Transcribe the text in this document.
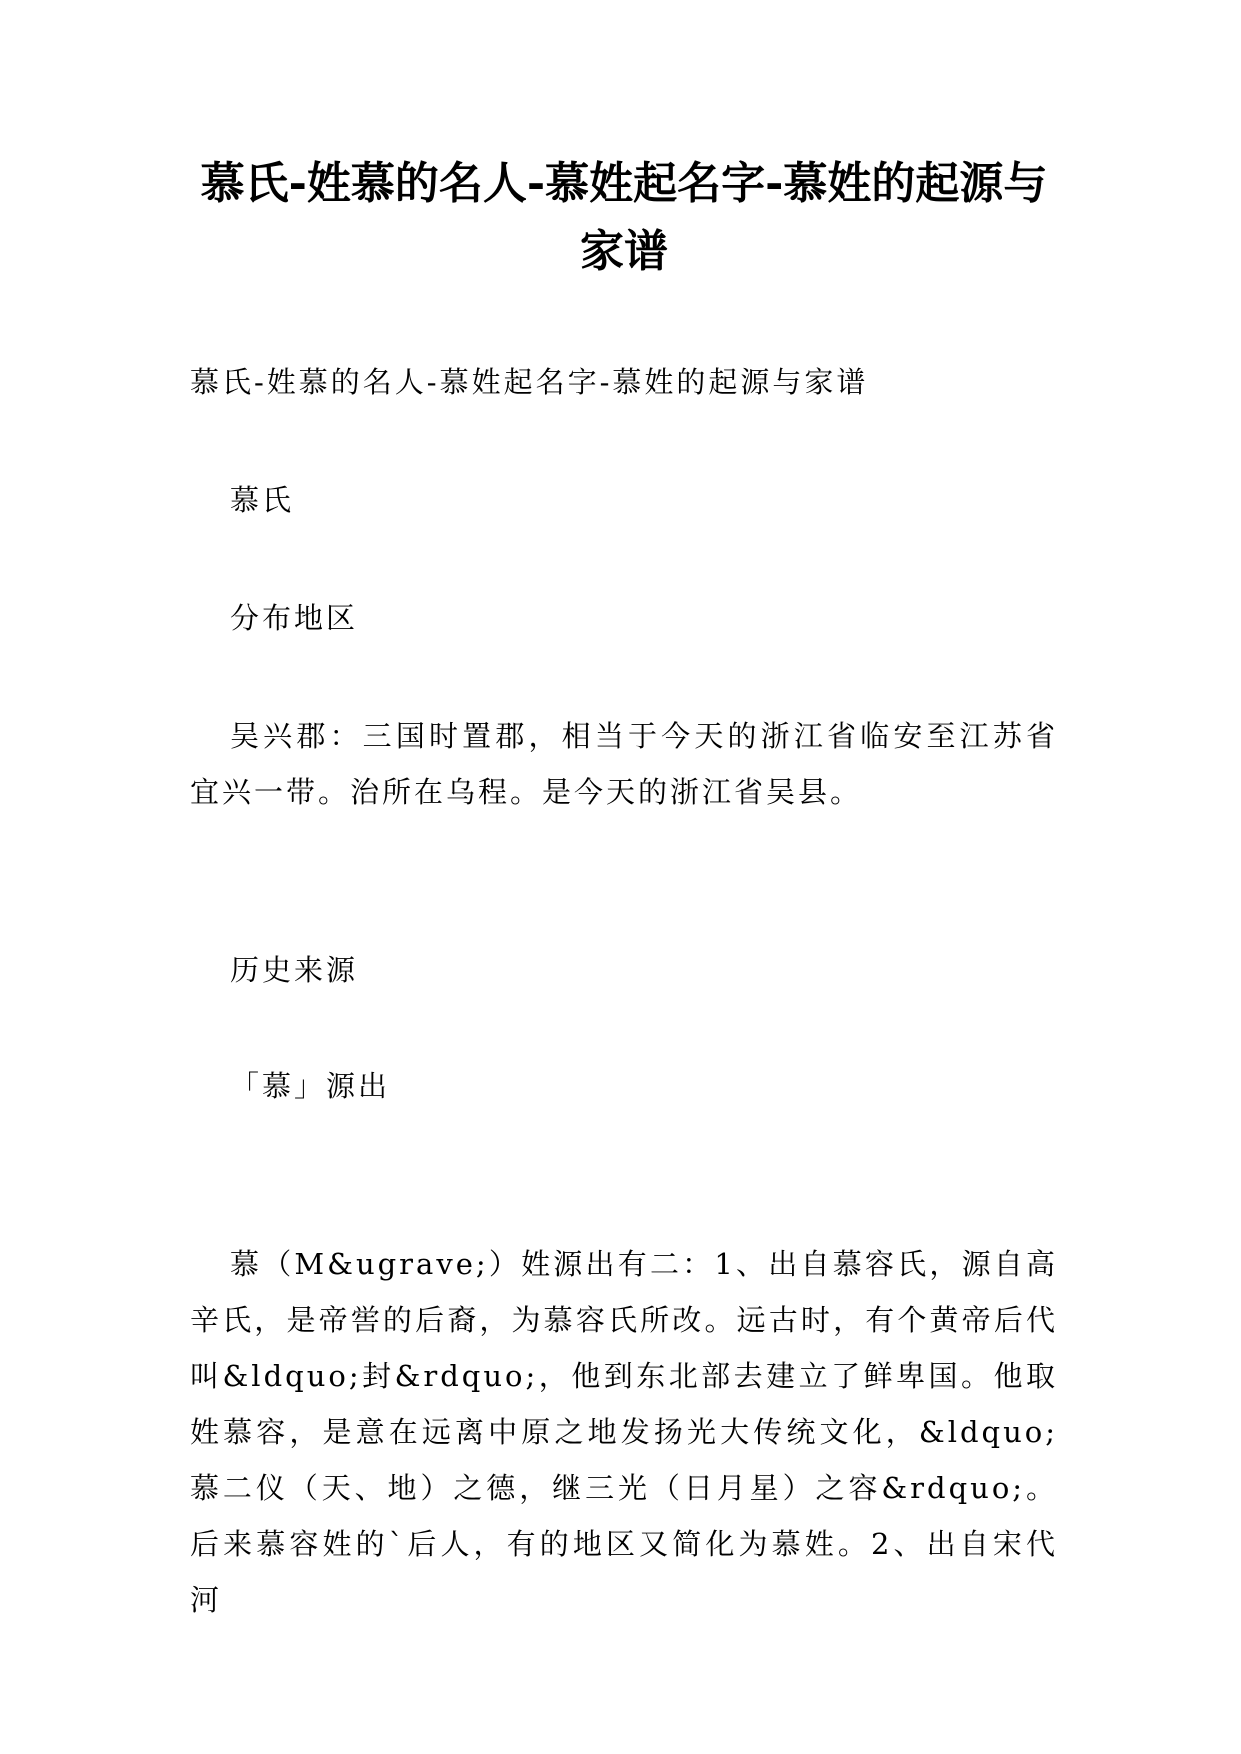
慕氏-姓慕的名人-慕姓起名字-慕姓的起源与家谱

慕氏-姓慕的名人-慕姓起名字-慕姓的起源与家谱

慕氏

分布地区

吴兴郡：三国时置郡，相当于今天的浙江省临安至江苏省宜兴一带。治所在乌程。是今天的浙江省吴县。

历史来源

「慕」源出

慕（M&ugrave;）姓源出有二：1、出自慕容氏，源自高辛氏，是帝喾的后裔，为慕容氏所改。远古时，有个黄帝后代叫&ldquo;封&rdquo;，他到东北部去建立了鲜卑国。他取姓慕容，是意在远离中原之地发扬光大传统文化，&ldquo;慕二仪（天、地）之德，继三光（日月星）之容&rdquo;。后来慕容姓的`后人，有的地区又简化为慕姓。2、出自宋代河
